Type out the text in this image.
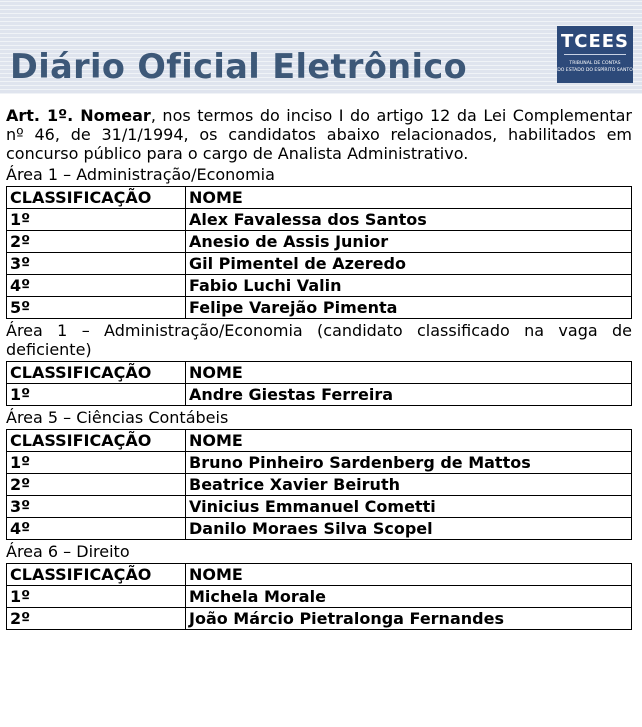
Diário Oficial Eletrônico
TCEES
TRIBUNAL DE CONTAS
DO ESTADO DO ESPÍRITO SANTO

Art. 1º. Nomear, nos termos do inciso I do artigo 12 da Lei Complementar nº 46, de 31/1/1994, os candidatos abaixo relacionados, habilitados em concurso público para o cargo de Analista Administrativo.

Área 1 – Administração/Economia
CLASSIFICAÇÃO	NOME
1º	Alex Favalessa dos Santos
2º	Anesio de Assis Junior
3º	Gil Pimentel de Azeredo
4º	Fabio Luchi Valin
5º	Felipe Varejão Pimenta
Área 1 – Administração/Economia (candidato classificado na vaga de deficiente)
CLASSIFICAÇÃO	NOME
1º	Andre Giestas Ferreira
Área 5 – Ciências Contábeis
CLASSIFICAÇÃO	NOME
1º	Bruno Pinheiro Sardenberg de Mattos
2º	Beatrice Xavier Beiruth
3º	Vinicius Emmanuel Cometti
4º	Danilo Moraes Silva Scopel
Área 6 – Direito
CLASSIFICAÇÃO	NOME
1º	Michela Morale
2º	João Márcio Pietralonga Fernandes
